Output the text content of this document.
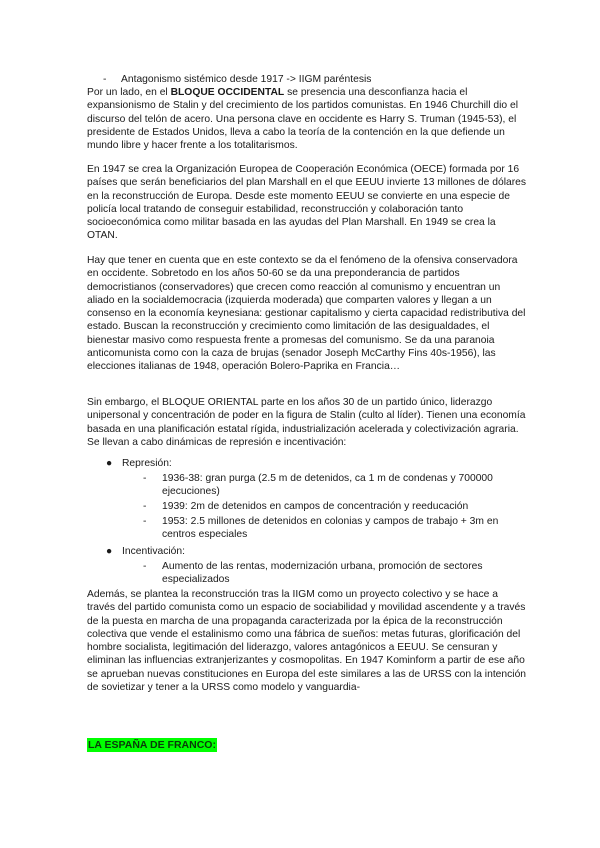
- Antagonismo sistémico desde 1917 -> IIGM paréntesis

Por un lado, en el BLOQUE OCCIDENTAL se presencia una desconfianza hacia el expansionismo de Stalin y del crecimiento de los partidos comunistas. En 1946 Churchill dio el discurso del telón de acero. Una persona clave en occidente es Harry S. Truman (1945-53), el presidente de Estados Unidos, lleva a cabo la teoría de la contención en la que defiende un mundo libre y hacer frente a los totalitarismos.

En 1947 se crea la Organización Europea de Cooperación Económica (OECE) formada por 16 países que serán beneficiarios del plan Marshall en el que EEUU invierte 13 millones de dólares en la reconstrucción de Europa. Desde este momento EEUU se convierte en una especie de policía local tratando de conseguir estabilidad, reconstrucción y colaboración tanto socioeconómica como militar basada en las ayudas del Plan Marshall. En 1949 se crea la OTAN.

Hay que tener en cuenta que en este contexto se da el fenómeno de la ofensiva conservadora en occidente. Sobretodo en los años 50-60 se da una preponderancia de partidos democristianos (conservadores) que crecen como reacción al comunismo y encuentran un aliado en la socialdemocracia (izquierda moderada) que comparten valores y llegan a un consenso en la economía keynesiana: gestionar capitalismo y cierta capacidad redistributiva del estado. Buscan la reconstrucción y crecimiento como limitación de las desigualdades, el bienestar masivo como respuesta frente a promesas del comunismo. Se da una paranoia anticomunista como con la caza de brujas (senador Joseph McCarthy Fins 40s-1956), las elecciones italianas de 1948, operación Bolero-Paprika en Francia…

Sin embargo, el BLOQUE ORIENTAL parte en los años 30 de un partido único, liderazgo unipersonal y concentración de poder en la figura de Stalin (culto al líder). Tienen una economía basada en una planificación estatal rígida, industrialización acelerada y colectivización agraria. Se llevan a cabo dinámicas de represión e incentivación:

● Represión:
- 1936-38: gran purga (2.5 m de detenidos, ca 1 m de condenas y 700000 ejecuciones)
- 1939: 2m de detenidos en campos de concentración y reeducación
- 1953: 2.5 millones de detenidos en colonias y campos de trabajo + 3m en centros especiales
● Incentivación:
- Aumento de las rentas, modernización urbana, promoción de sectores especializados

Además, se plantea la reconstrucción tras la IIGM como un proyecto colectivo y se hace a través del partido comunista como un espacio de sociabilidad y movilidad ascendente y a través de la puesta en marcha de una propaganda caracterizada por la épica de la reconstrucción colectiva que vende el estalinismo como una fábrica de sueños: metas futuras, glorificación del hombre socialista, legitimación del liderazgo, valores antagónicos a EEUU. Se censuran y eliminan las influencias extranjerizantes y cosmopolitas. En 1947 Kominform a partir de ese año se aprueban nuevas constituciones en Europa del este similares a las de URSS con la intención de sovietizar y tener a la URSS como modelo y vanguardia-

LA ESPAÑA DE FRANCO:
